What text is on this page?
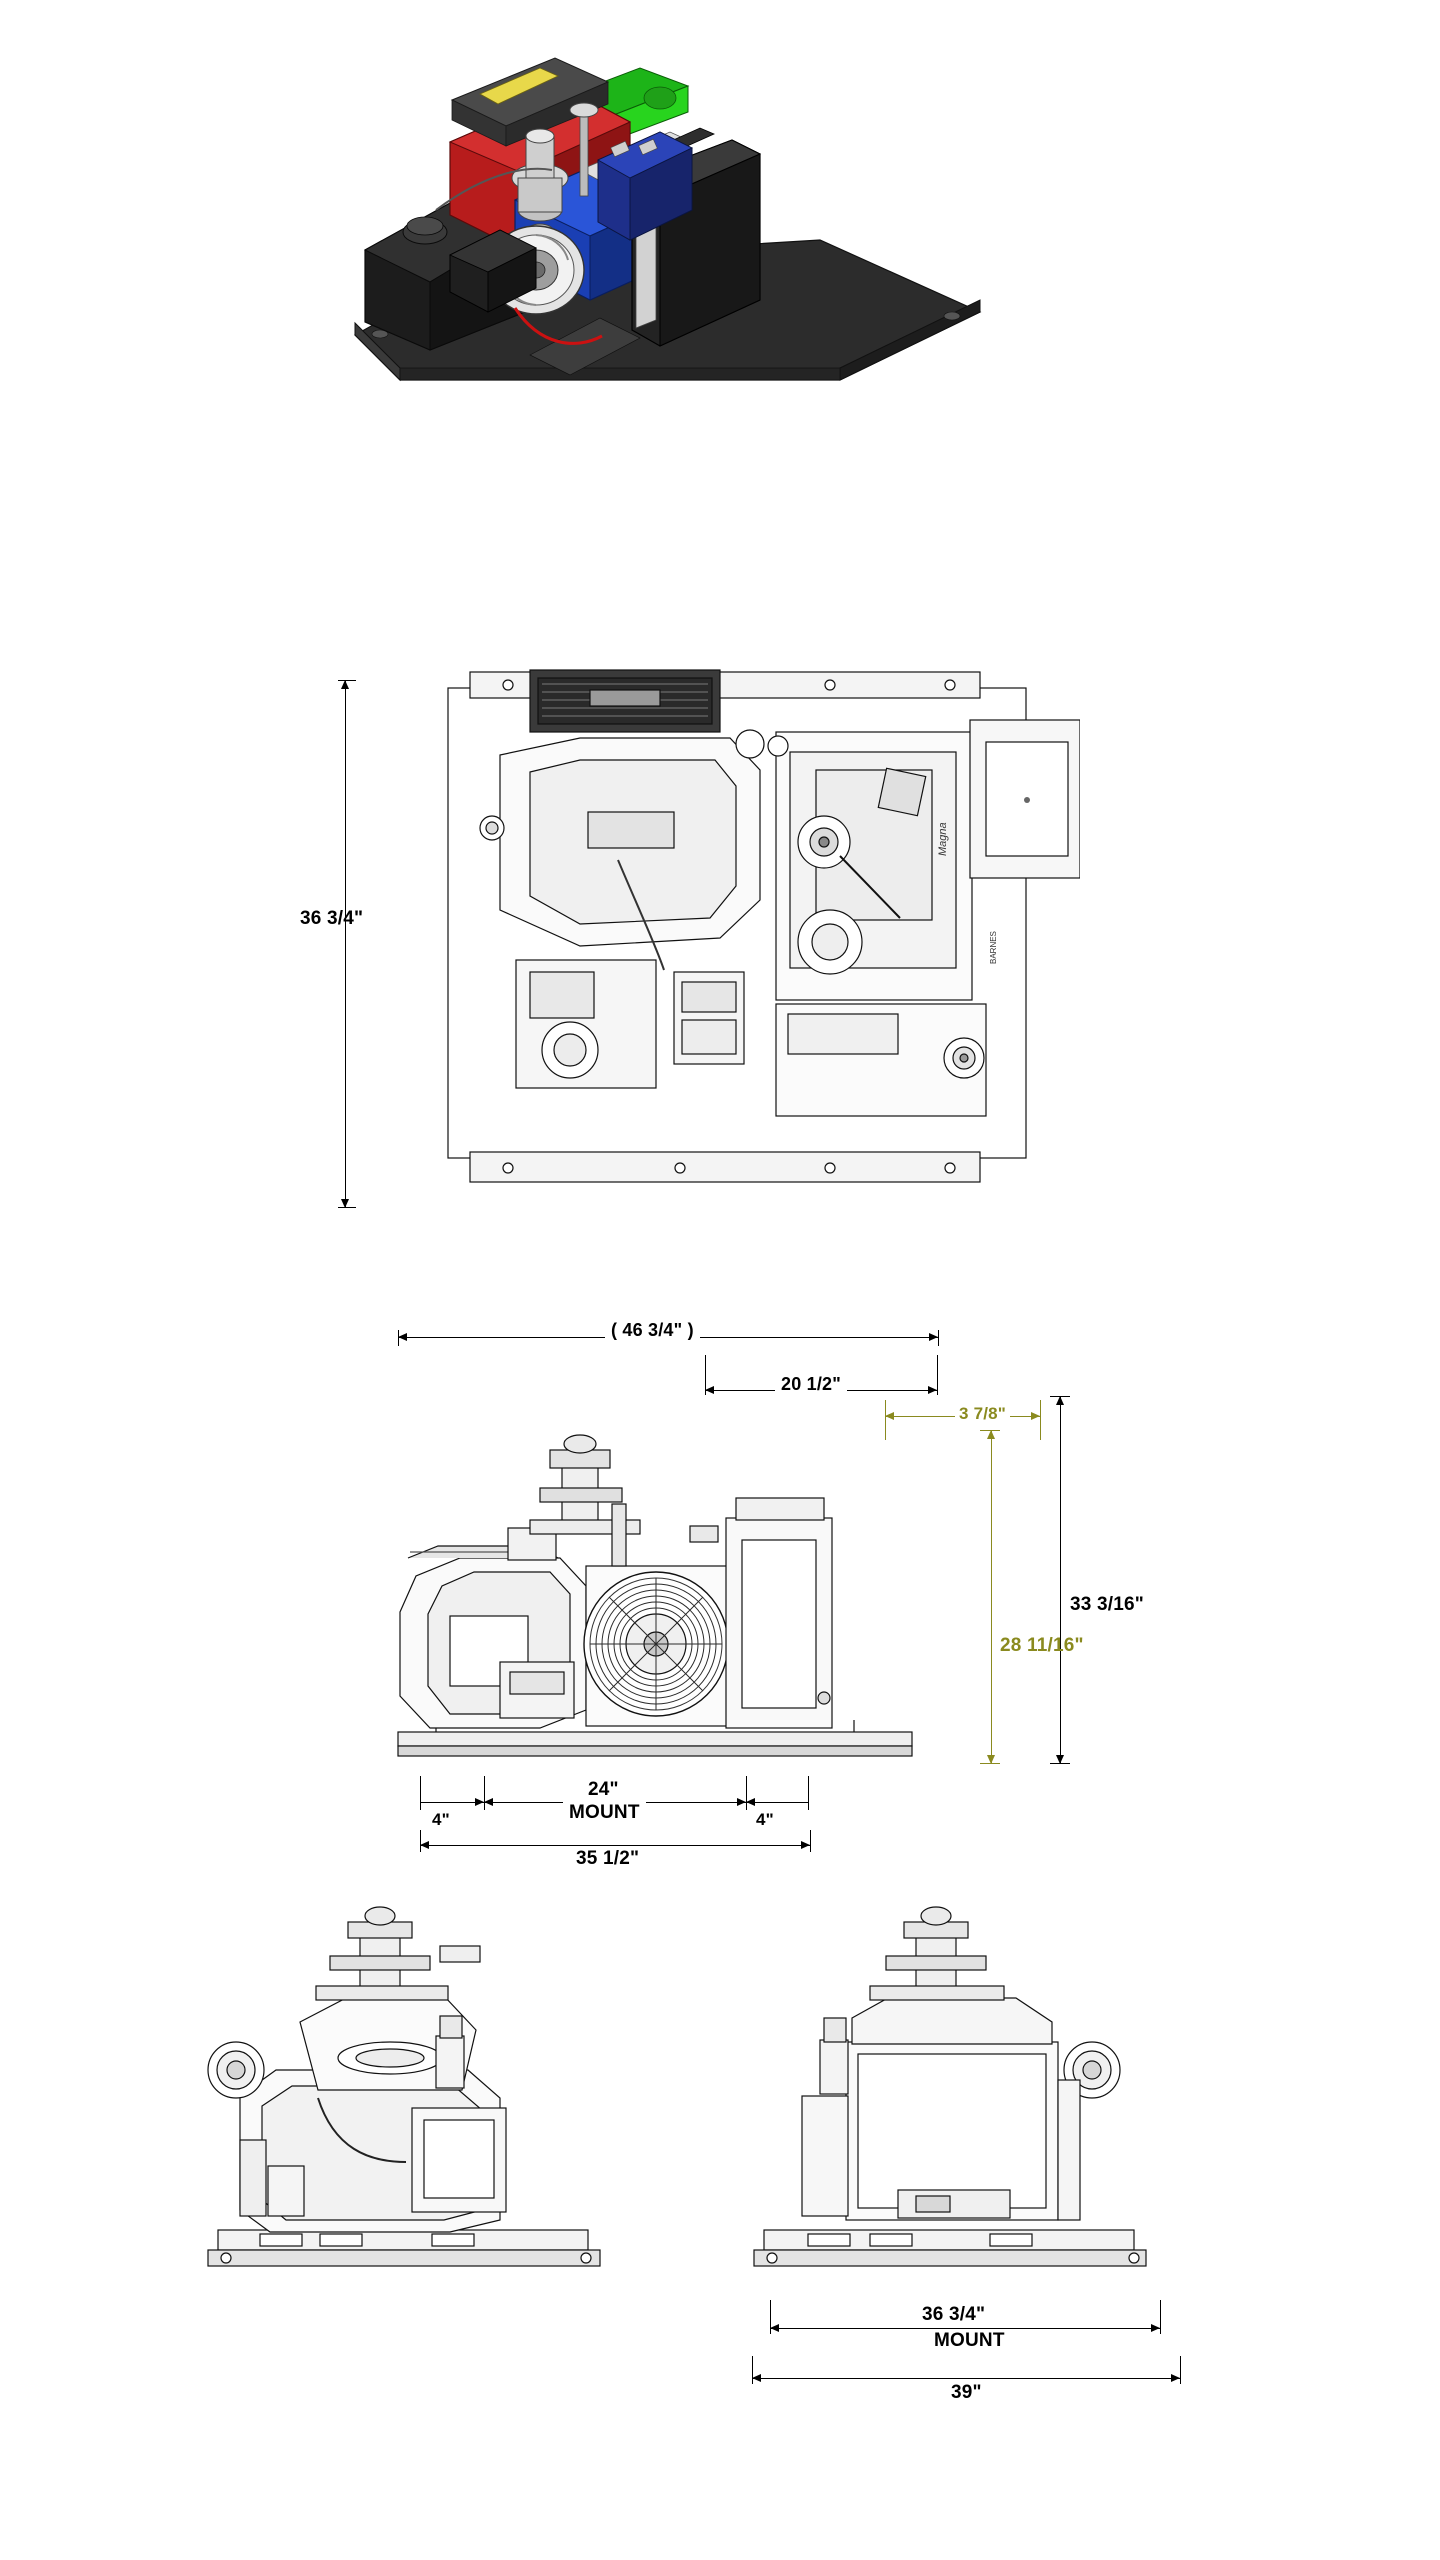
Magna
BARNES
36 3/4"
( 46 3/4" )
20 1/2"
3 7/8"
33 3/16"
28 11/16"
4"
24"
MOUNT	4"
35 1/2"
36 3/4"
MOUNT
39"
